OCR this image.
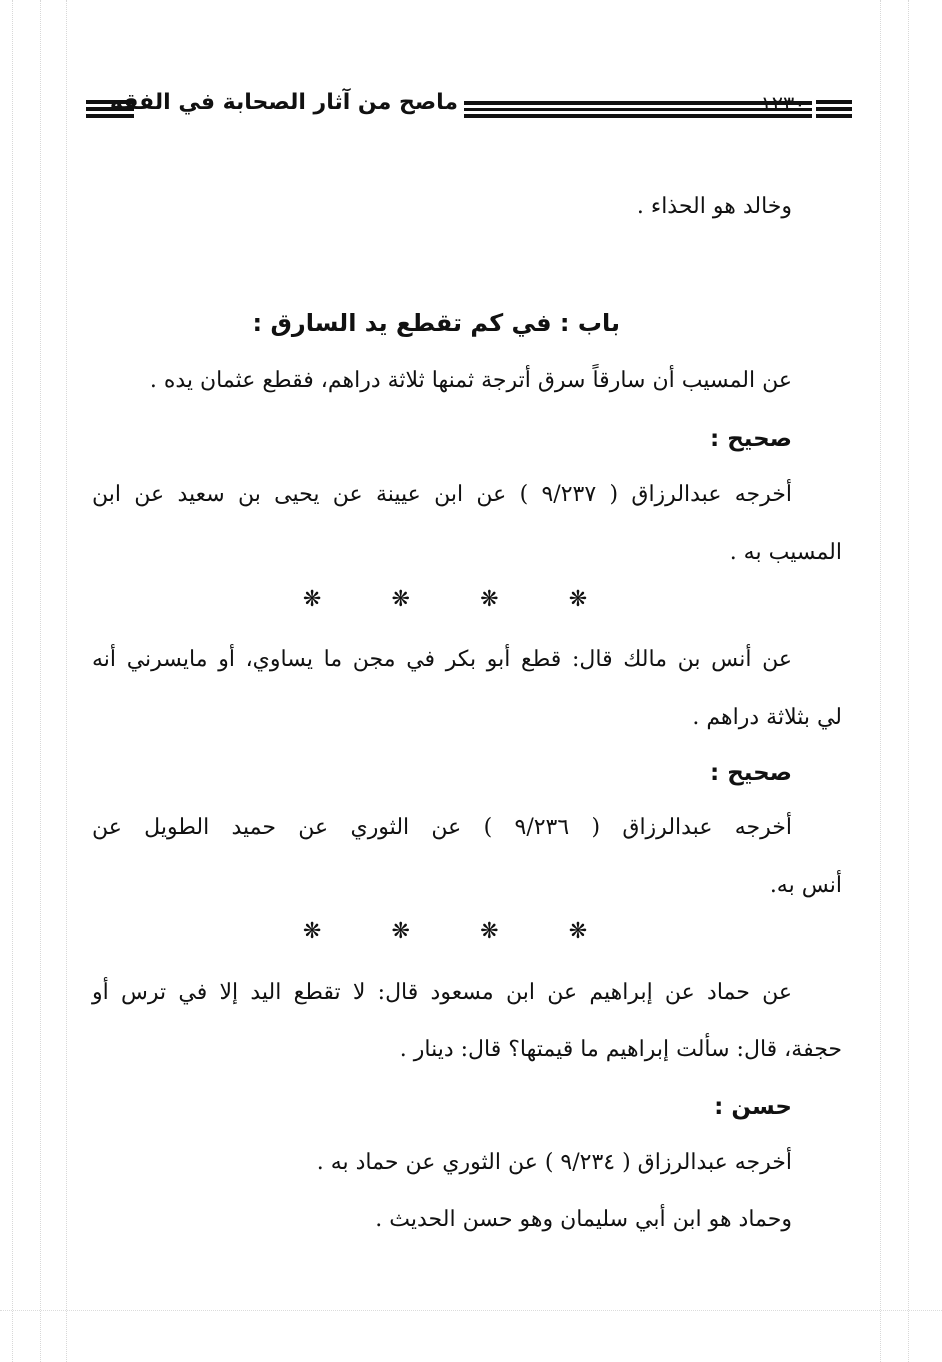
ماصح من آثار الصحابة في الفقه	١٢٣٠
وخالد هو الحذاء .
باب : في كم تقطع يد السارق :
عن المسيب أن سارقاً سرق أترجة ثمنها ثلاثة دراهم، فقطع عثمان يده .
صحيح :
أخرجه عبدالرزاق ( ٩/٢٣٧ ) عن ابن عيينة عن يحيى بن سعيد عن ابن
المسيب به .
❋
❋
❋
❋
عن أنس بن مالك قال: قطع أبو بكر في مجن ما يساوي، أو مايسرني أنه
لي بثلاثة دراهم .
صحيح :
أخرجه عبدالرزاق ( ٩/٢٣٦ ) عن الثوري عن حميد الطويل عن
أنس به.
❋
❋
❋
❋
عن حماد عن إبراهيم عن ابن مسعود قال: لا تقطع اليد إلا في ترس أو
حجفة، قال: سألت إبراهيم ما قيمتها؟ قال: دينار .
حسن :
أخرجه عبدالرزاق ( ٩/٢٣٤ ) عن الثوري عن حماد به .
وحماد هو ابن أبي سليمان وهو حسن الحديث .
